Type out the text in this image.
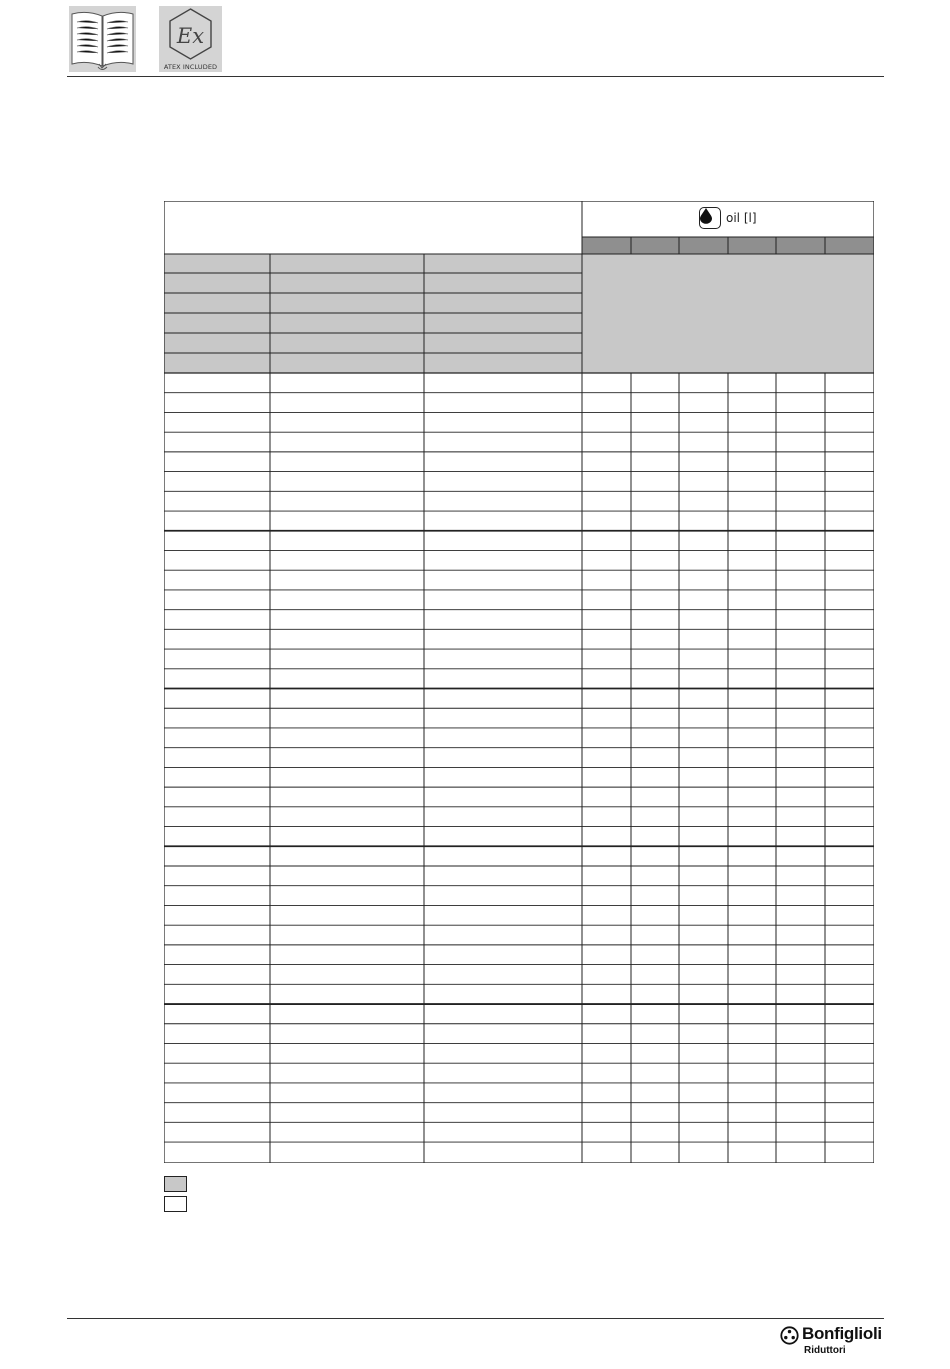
Ex
ATEX INCLUDED
oil [l]
Bonfiglioli
Riduttori
